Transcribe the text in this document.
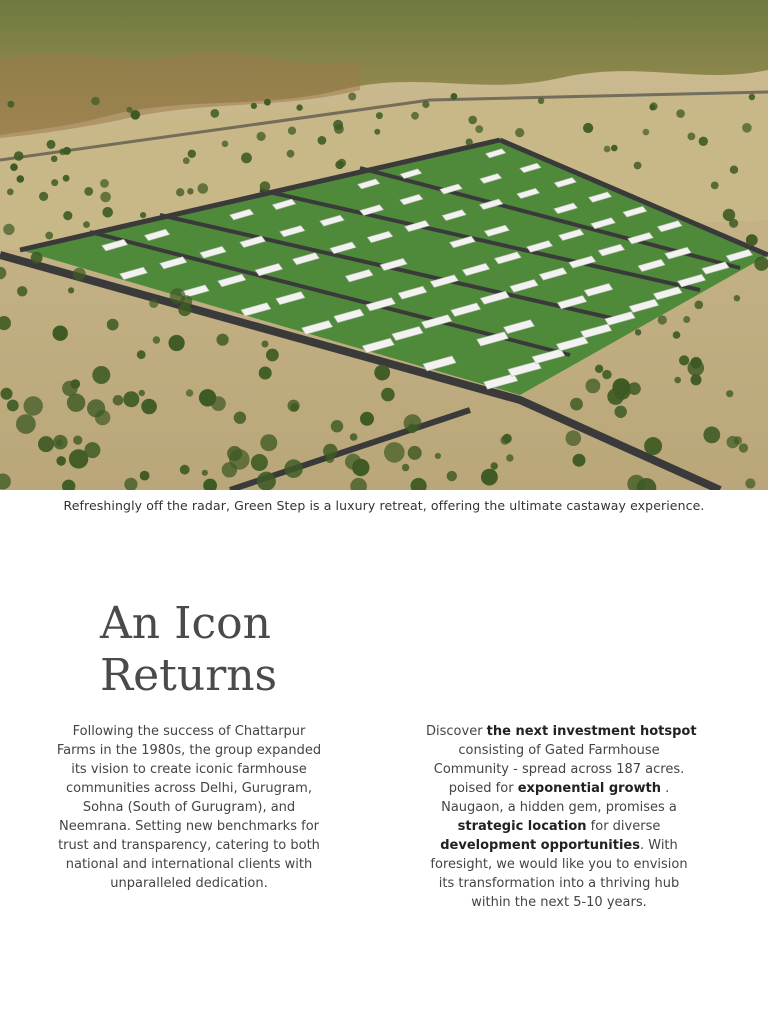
Refreshingly off the radar, Green Step is a luxury retreat, offering the ultimate castaway experience.
An Icon
Returns
Following the success of Chattarpur
Farms in the 1980s, the group expanded
its vision to create iconic farmhouse
communities across Delhi, Gurugram,
Sohna (South of Gurugram), and
Neemrana. Setting new benchmarks for
trust and transparency, catering to both
national and international clients with
unparalleled dedication.
Discover the next investment hotspot
consisting of Gated Farmhouse
Community - spread across 187 acres.
poised for exponential growth .
Naugaon, a hidden gem, promises a
strategic location for diverse
development opportunities. With
foresight, we would like you to envision
its transformation into a thriving hub
within the next 5-10 years.
